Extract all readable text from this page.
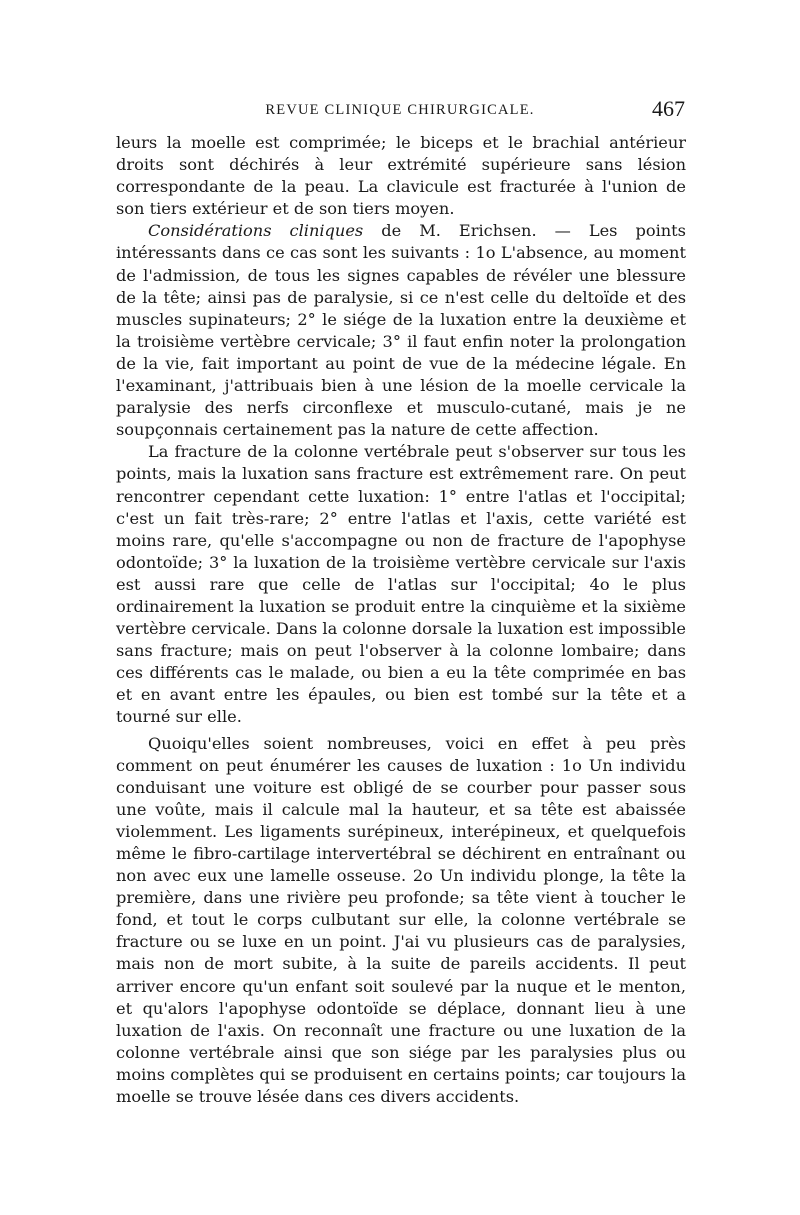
REVUE CLINIQUE CHIRURGICALE.	467

leurs la moelle est comprimée; le biceps et le brachial antérieur droits sont déchirés à leur extrémité supérieure sans lésion correspondante de la peau. La clavicule est fracturée à l'union de son tiers extérieur et de son tiers moyen.

Considérations cliniques de M. Erichsen. — Les points intéressants dans ce cas sont les suivants : 1o L'absence, au moment de l'admission, de tous les signes capables de révéler une blessure de la tête; ainsi pas de paralysie, si ce n'est celle du deltoïde et des muscles supinateurs; 2° le siége de la luxation entre la deuxième et la troisième vertèbre cervicale; 3° il faut enfin noter la prolongation de la vie, fait important au point de vue de la médecine légale. En l'examinant, j'attribuais bien à une lésion de la moelle cervicale la paralysie des nerfs circonflexe et musculo-cutané, mais je ne soupçonnais certainement pas la nature de cette affection.

La fracture de la colonne vertébrale peut s'observer sur tous les points, mais la luxation sans fracture est extrêmement rare. On peut rencontrer cependant cette luxation: 1° entre l'atlas et l'occipital; c'est un fait très-rare; 2° entre l'atlas et l'axis, cette variété est moins rare, qu'elle s'accompagne ou non de fracture de l'apophyse odontoïde; 3° la luxation de la troisième vertèbre cervicale sur l'axis est aussi rare que celle de l'atlas sur l'occipital; 4o le plus ordinairement la luxation se produit entre la cinquième et la sixième vertèbre cervicale. Dans la colonne dorsale la luxation est impossible sans fracture; mais on peut l'observer à la colonne lombaire; dans ces différents cas le malade, ou bien a eu la tête comprimée en bas et en avant entre les épaules, ou bien est tombé sur la tête et a tourné sur elle.

Quoiqu'elles soient nombreuses, voici en effet à peu près comment on peut énumérer les causes de luxation : 1o Un individu conduisant une voiture est obligé de se courber pour passer sous une voûte, mais il calcule mal la hauteur, et sa tête est abaissée violemment. Les ligaments surépineux, interépineux, et quelquefois même le fibro-cartilage intervertébral se déchirent en entraînant ou non avec eux une lamelle osseuse. 2o Un individu plonge, la tête la première, dans une rivière peu profonde; sa tête vient à toucher le fond, et tout le corps culbutant sur elle, la colonne vertébrale se fracture ou se luxe en un point. J'ai vu plusieurs cas de paralysies, mais non de mort subite, à la suite de pareils accidents. Il peut arriver encore qu'un enfant soit soulevé par la nuque et le menton, et qu'alors l'apophyse odontoïde se déplace, donnant lieu à une luxation de l'axis. On reconnaît une fracture ou une luxation de la colonne vertébrale ainsi que son siége par les paralysies plus ou moins complètes qui se produisent en certains points; car toujours la moelle se trouve lésée dans ces divers accidents.
